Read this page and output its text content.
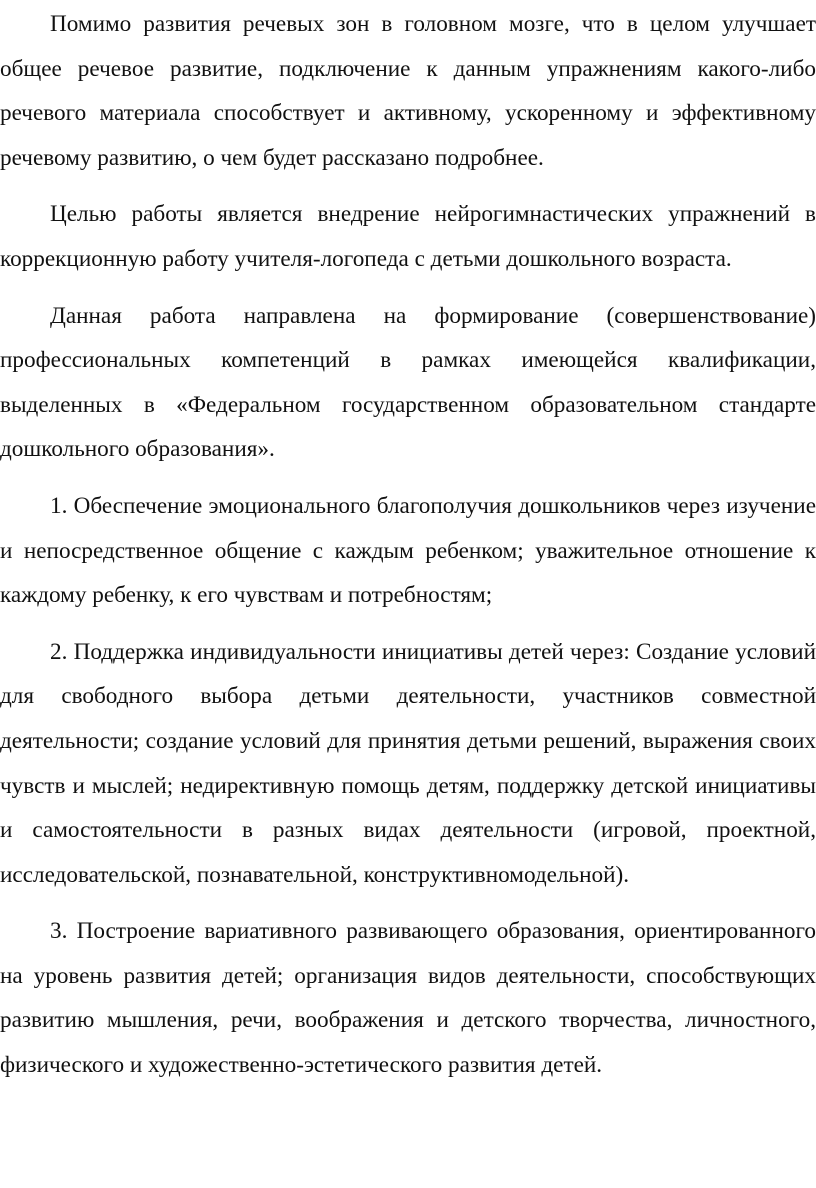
Помимо развития речевых зон в головном мозге, что в целом улучшает общее речевое развитие, подключение к данным упражнениям какого-либо речевого материала способствует и активному, ускоренному и эффективному речевому развитию, о чем будет рассказано подробнее.

Целью работы является внедрение нейрогимнастических упражнений в коррекционную работу учителя-логопеда с детьми дошкольного возраста.

Данная работа направлена на формирование (совершенствование) профессиональных компетенций в рамках имеющейся квалификации, выделенных в «Федеральном государственном образовательном стандарте дошкольного образования».

1. Обеспечение эмоционального благополучия дошкольников через изучение и непосредственное общение с каждым ребенком; уважительное отношение к каждому ребенку, к его чувствам и потребностям;

2. Поддержка индивидуальности инициативы детей через: Создание условий для свободного выбора детьми деятельности, участников совместной деятельности; создание условий для принятия детьми решений, выражения своих чувств и мыслей; недирективную помощь детям, поддержку детской инициативы и самостоятельности в разных видах деятельности (игровой, проектной, исследовательской, познавательной, конструктивномодельной).

3. Построение вариативного развивающего образования, ориентированного на уровень развития детей; организация видов деятельности, способствующих развитию мышления, речи, воображения и детского творчества, личностного, физического и художественно-эстетического развития детей.
